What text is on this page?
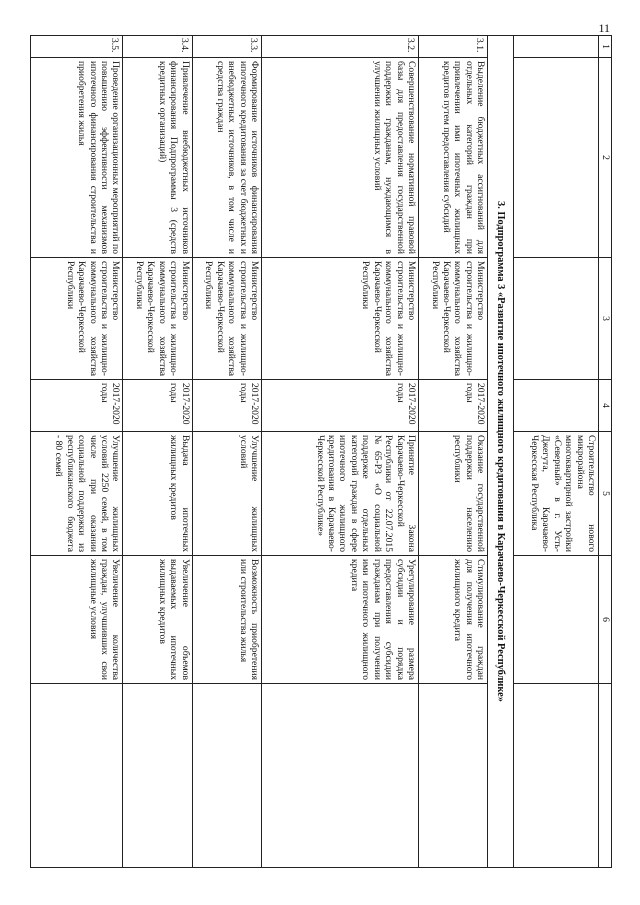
11
1	2	3	4	5	6	
				Строительство нового микрорайона многоквартирной застройки «Северный» в г. Усть-Джегута, Карачаево-Черкесская Республика		
3. Подпрограмма 3 «Развитие ипотечного жилищного кредитования в Карачаево-Черкесской Республике»						
3.1.	Выделение бюджетных ассигнований для отдельных категорий граждан при привлечении ими ипотечных жилищных кредитов путем предоставления субсидий	Министерство строительства и жилищно-коммунального хозяйства Карачаево-Черкесской Республики	2017-2020 годы	Оказание государственной поддержки населению республики	Стимулирование граждан для получения ипотечного жилищного кредита	
3.2.	Совершенствование нормативной правовой базы для предоставления государственной поддержки гражданам, нуждающимся в улучшении жилищных условий	Министерство строительства и жилищно-коммунального хозяйства Карачаево-Черкесской Республики	2017-2020 годы	Принятие Закона Карачаево-Черкесской Республики от 22.07.2015 №65-РЗ «О социальной поддержке отдельных категорий граждан в сфере ипотечного жилищного кредитования в Карачаево-Черкесской Республике»	Урегулирование размера субсидии и порядка предоставления субсидии гражданам при получении ими ипотечного жилищного кредита	
3.3.	Формирование источников финансирования ипотечного кредитования за счет бюджетных и внебюджетных источников, в том числе и средства граждан	Министерство строительства и жилищно-коммунального хозяйства Карачаево-Черкесской Республики	2017-2020 годы	Улучшение жилищных условий	Возможность приобретения или строительства жилья	
3.4.	Привлечение внебюджетных источников финансирования Подпрограммы 3 (средств кредитных организаций)	Министерство строительства и жилищно-коммунального хозяйства Карачаево-Черкесской Республики	2017-2020 годы	Выдача ипотечных жилищных кредитов	Увеличение объемов выдаваемых ипотечных жилищных кредитов	
3.5.	Проведение организационных мероприятий по повышению эффективности механизмов ипотечного финансирования строительства и приобретения жилья	Министерство строительства и жилищно-коммунального хозяйства Карачаево-Черкесской Республики	2017-2020 годы	Улучшение жилищных условий 2250 семей, в том числе при оказании социальной поддержки из республиканского бюджета - 80 семей	Увеличение количества граждан, улучшивших свои жилищные условия	
